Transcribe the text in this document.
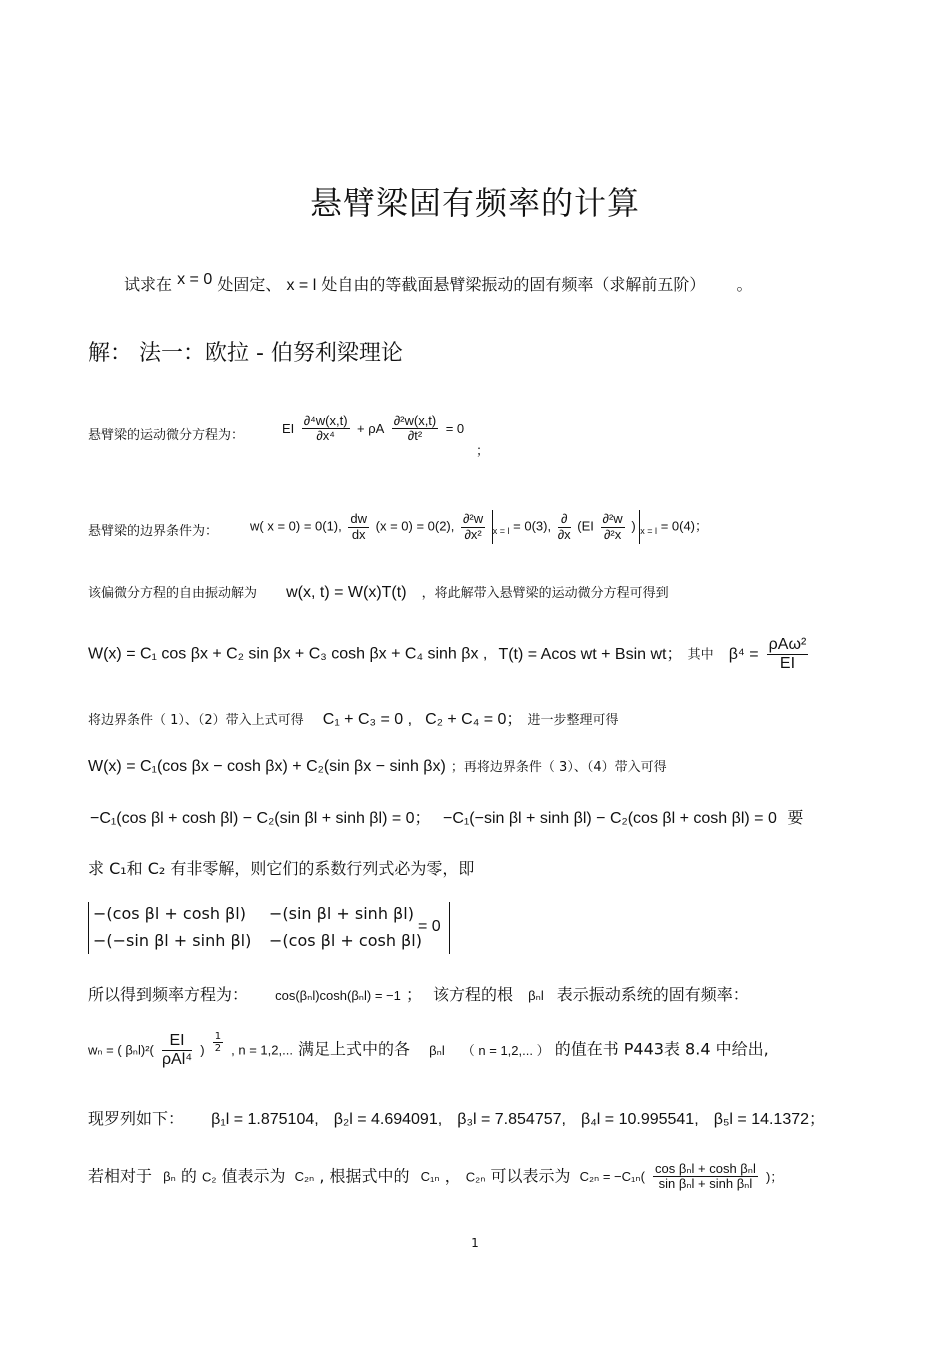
悬臂梁固有频率的计算
试求在 x = 0 处固定、 x = l 处自由的等截面悬臂梁振动的固有频率（求解前五阶） 。
解： 法一：欧拉 - 伯努利梁理论
悬臂梁的运动微分方程为：	EI $\frac{\text{∂⁴w(x,t)}}{\text{∂x⁴}} + \rho A \frac{\text{∂²w(x,t)}}{\text{∂t²}} = 0$
；
悬臂梁的边界条件为： w( x = 0) = 0(1), $\frac{dw}{dx} (x = 0) = 0(2)$, $\frac{\text{∂²w}}{\text{∂x²}} _{x = l} = 0(3)$, $\frac{\partial}{\partial x} (EI \frac{\text{∂²w}}{\text{∂²x}}$ ) $_{x = l}$ = 0(4)；
该偏微分方程的自由振动解为 w(x, t) = W(x)T(t) ，将此解带入悬臂梁的运动微分方程可得到
W(x) = C₁ cos βx + C₂ sin βx + C₃ cosh βx + C₄ sinh βx , T(t) = Acos wt + Bsin wt； 其中 $\beta^4 = \frac{\text{ρAω²}}{EI}$
将边界条件（ 1）、（2）带入上式可得 C₁ + C₃ = 0 , C₂ + C₄ = 0； 进一步整理可得
W(x) = C₁(cos βx − cosh βx) + C₂(sin βx − sinh βx) ；再将边界条件（ 3）、（4）带入可得
−C₁(cos βl + cosh βl) − C₂(sin βl + sinh βl) = 0； −C₁(−sin βl + sinh βl) − C₂(cos βl + cosh βl) = 0 要
求 C₁和 C₂ 有非零解，则它们的系数行列式必为零，即
−(cos βl + cosh βl) −(sin βl + sinh βl)
−(−sin βl + sinh βl) −(cos βl + cosh βl)
= 0
所以得到频率方程为： cos(βₙl)cosh(βₙl) = −1 ； 该方程的根 βₙl 表示振动系统的固有频率：
wₙ = ( $\beta_nl)^2( \frac{EI}{\text{ρAl⁴}}$ ) $\frac{1}{2}$ , n = 1,2,... 满足上式中的各 βₙl （ n = 1,2,... ） 的值在书 P443表 8.4 中给出,
现罗列如下： β₁l = 1.875104, β₂l = 4.694091, β₃l = 7.854757, β₄l = 10.995541, β₅l = 14.1372；
若相对于 βₙ 的 C₂ 值表示为 C₂ₙ , 根据式中的 C₁ₙ ， C₂ₙ 可以表示为 $C_{2n} = -C_{1n}( \frac{\text{cos βₙl + cosh βₙl}}{\text{sin βₙl + sinh βₙl}}$ )；
1
